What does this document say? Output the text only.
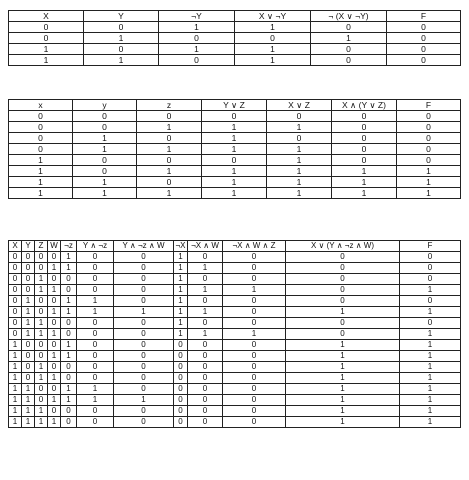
X	Y	¬Y	X ∨ ¬Y	¬ (X ∨ ¬Y)	F
0	0	1	1	0	0
0	1	0	0	1	0
1	0	1	1	0	0
1	1	0	1	0	0
x	y	z	Y ∨ Z	X ∨ Z	X ∧ (Y ∨ Z)	F
0	0	0	0	0	0	0
0	0	1	1	1	0	0
0	1	0	1	0	0	0
0	1	1	1	1	0	0
1	0	0	0	1	0	0
1	0	1	1	1	1	1
1	1	0	1	1	1	1
1	1	1	1	1	1	1
X	Y	Z	W	¬z	Y ∧ ¬z	Y ∧ ¬z ∧ W	¬X	¬X ∧ W	¬X ∧ W ∧ Z	X ∨ (Y ∧ ¬z ∧ W)	F
0	0	0	0	1	0	0	1	0	0	0	0
0	0	0	1	1	0	0	1	1	0	0	0
0	0	1	0	0	0	0	1	0	0	0	0
0	0	1	1	0	0	0	1	1	1	0	1
0	1	0	0	1	1	0	1	0	0	0	0
0	1	0	1	1	1	1	1	1	0	1	1
0	1	1	0	0	0	0	1	0	0	0	0
0	1	1	1	0	0	0	1	1	1	0	1
1	0	0	0	1	0	0	0	0	0	1	1
1	0	0	1	1	0	0	0	0	0	1	1
1	0	1	0	0	0	0	0	0	0	1	1
1	0	1	1	0	0	0	0	0	0	1	1
1	1	0	0	1	1	0	0	0	0	1	1
1	1	0	1	1	1	1	0	0	0	1	1
1	1	1	0	0	0	0	0	0	0	1	1
1	1	1	1	0	0	0	0	0	0	1	1
